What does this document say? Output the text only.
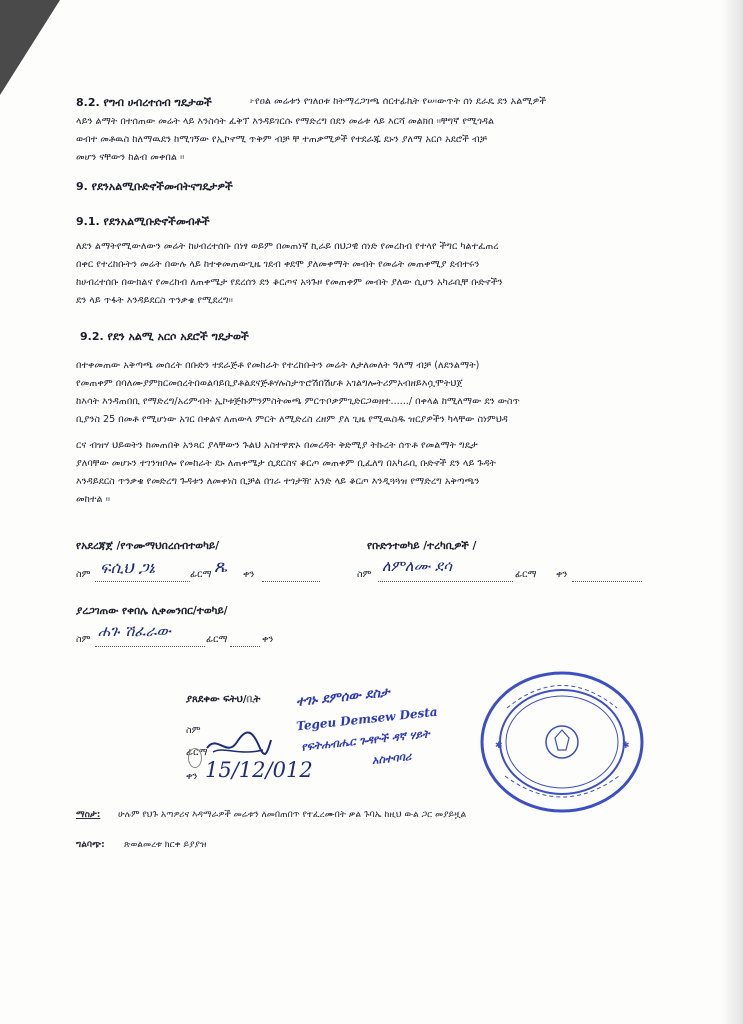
8.2. የግብ ሀብረተሰብ ግዴታወች	፦የዐል መሬቱን የገለዐቱ ከትማረጋገጫ ሰርተፊኬት የሠ፡ውጥት ሰነ ደራዴ ደን አልሚዎች

ላይን ልማት በተሰጠው መሬት ላይ እንስሳት ፈቅፕ እንዳይገርሱ የማድረግ በደን መሬቱ ላይ እርሻ መልክበ ፡፡ቸግኛ የሚጎዳል

ወብተ መቶዉስ ከለማዉደን ከሚገኝው የኢኮኖሚ ጥቅም ብቻ ቸ ተጠቃሚዎች የተደራጁ ደኑን ያለማ አርሶ አደሮች ብቻ

መሆን ናቸውን ከልብ መቀበል ፡፡

9. የደንአልሚቡድኖችመብትናግዴታዎች
9.1. የደንአልሚቡድኖችመብቶች

ለደን ልማትየሚውለውን መሬት ከሀብረተሰቡ በነፃ ወይም በመጠነኛ ኪራይ በህጋዊ ሰነድ የመረከብ የተላየ ችግር ካልተፈጠረ

በቀር የተረከቡትን መሬት በውሉ ላይ ከተቀመጠውጊዜ ገደብ ቀደሞ ያለመቀማት መብት የመሬት መጠቀሚያ ደብተሩን

ከሀብረተሰቡ በውክልና የመረከብ ለጠቀሜታ የደረሰን ደን ቆርጦና አጓጉዞ የመጠቀም መብት ያለው ሲሆን አካራቢቸ ቡድኖችን

ደን ላይ ጥፋት እንዳይደርስ ጥንቃቄ የሚደረግ፡፡

9.2. የደን አልሚ አርሶ አደሮች ግዴታወች

በተቀመጠው አቅጣጫ መሰረት በቡድን ተደራጅቶ የመከራት የተረከቡትን መሬት ለታለመለት ዓለማ ብቻ (ለደንልማት)

የመጠቀም በባለሙያምክርመሰረትበወልባይቢያቶልደናጅቶሃሉስታጥሮሽበሽሆቶ አገልግሎትሪምአብዘይእሷሞትህጀ

ከእሳት እንዳጠበቢ የማድረግ/አረምብት ኢኮቱጅኩምንምስትመጫ ምርጥቦቃምጊድርጋወዘተ....../ በቀላል ከሚለማው ደን ውስጥ

ቢያንስ 25 በመቶ የሚሆነው አገር በቀልና ለጠውላ ምርት ለሚድረስ ረዘም ያለ ጊዜ የሚዉስዱ ዝርያዎችን ካላቸው ስነምህዳ

ርና ብዝሃ ህይወትን ከመጠበቅ አንጻር ያላቸውን ጉልህ አስተዋጽኦ በመረዳት ቅድሚያ ትኩረት ሰጥቶ የመልማት ግዴታ

ያለባቸው መሆኑን ተገንዝቦሎ የመከራት ደኑ ለጠቀሜታ ሲደርስና ቆርጦ መጠቀም ቢፈለግ በአካራቢ ቡድኖች ደን ላይ ጉዳት

እንዳይደርስ ጥንቃቄ የመድረግ ጉዳቱን ለመቀነስ ቢቻል በገራ ተጎታዥ አንድ ላይ ቆርጦ እንዲጓጓዝ የማድረግ አቅጣጫን

መከተል ፡፡

የአደረጃጀ /የጥሙማህበረሰብተወካይ/	የቡድንተወካይ /ተረካቢዎች /
ስም ፍሲህ ጋኔ	ፊርማ ጼ ቀን	ስም ለምለሙ ደሳ	ፊርማ ቀን
ያረጋገጠው የቀበሌ ሊቀመንበር/ተወካይ/
ስም ሐጉ ሽፈራው	ፊርማ	ቀን
ያጸደቀው ፍትህ/ቢት
ስም
ፊርማ
ቀን 15/12/012
ተገኑ ደምሰው ደስታ
Tegeu Demsew Desta
የፍትሐብሔር ጉዳዮች ዳኛ ሃይት
አስተባባሪ
✱	✱
ማስታ: ሁሉም የህጉ አጣዎሪና እዳማራዎች መሬቱን ለመበጠበጥ የተፈረሙበት ቃል ጉባኤ ከዚህ ውል ጋር መያይዟል
ግልባጭ: ጽወልመረቱ ክርቀ ይያያዝ
